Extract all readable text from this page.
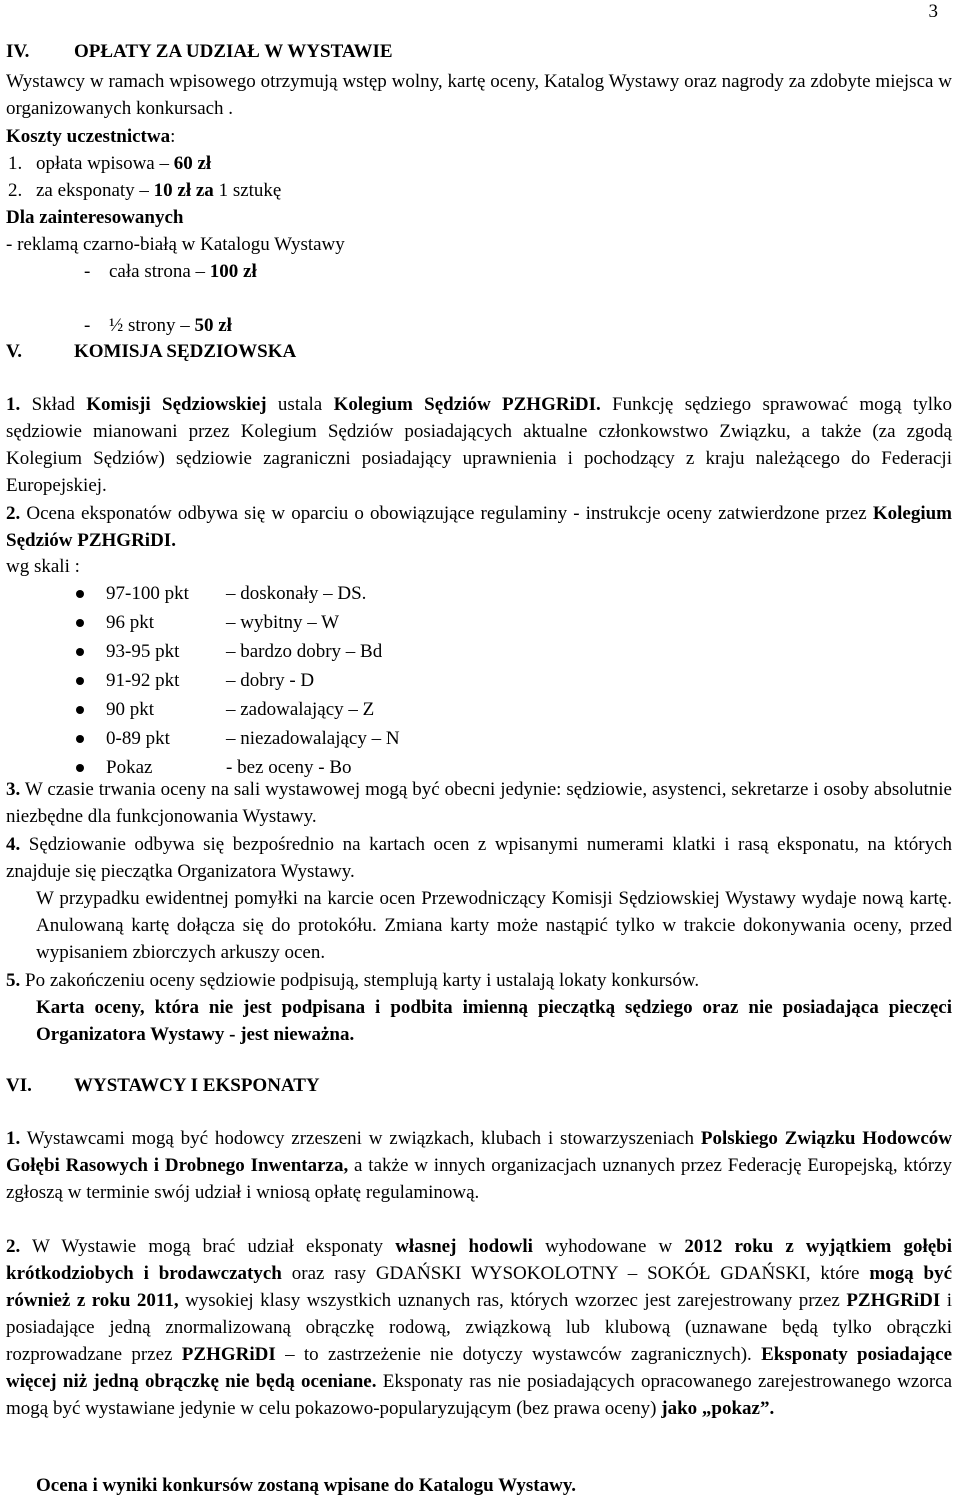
3
IV. OPŁATY ZA UDZIAŁ W WYSTAWIE
Wystawcy w ramach wpisowego otrzymują wstęp wolny, kartę oceny, Katalog Wystawy oraz nagrody za zdobyte miejsca w organizowanych konkursach .
Koszty uczestnictwa:
1. opłata wpisowa – 60 zł
2. za eksponaty – 10 zł za 1 sztukę
Dla zainteresowanych
- reklamą czarno-białą w Katalogu Wystawy
- cała strona – 100 zł
- ½ strony – 50 zł
V.	KOMISJA SĘDZIOWSKA
1. Skład Komisji Sędziowskiej ustala Kolegium Sędziów PZHGRiDI. Funkcję sędziego sprawować mogą tylko sędziowie mianowani przez Kolegium Sędziów posiadających aktualne członkowstwo Związku, a także (za zgodą Kolegium Sędziów) sędziowie zagraniczni posiadający uprawnienia i pochodzący z kraju należącego do Federacji Europejskiej.
2. Ocena eksponatów odbywa się w oparciu o obowiązujące regulaminy - instrukcje oceny zatwierdzone przez Kolegium Sędziów PZHGRiDI.
wg skali :
97-100 pkt – doskonały – DS.
96 pkt	– wybitny – W
93-95 pkt – bardzo dobry – Bd
91-92 pkt – dobry - D
90 pkt	– zadowalający – Z
0-89 pkt	– niezadowalający – N
Pokaz	- bez oceny - Bo
3. W czasie trwania oceny na sali wystawowej mogą być obecni jedynie: sędziowie, asystenci, sekretarze i osoby absolutnie niezbędne dla funkcjonowania Wystawy.
4. Sędziowanie odbywa się bezpośrednio na kartach ocen z wpisanymi numerami klatki i rasą eksponatu, na których znajduje się pieczątka Organizatora Wystawy.
W przypadku ewidentnej pomyłki na karcie ocen Przewodniczący Komisji Sędziowskiej Wystawy wydaje nową kartę. Anulowaną kartę dołącza się do protokółu. Zmiana karty może nastąpić tylko w trakcie dokonywania oceny, przed wypisaniem zbiorczych arkuszy ocen.
5. Po zakończeniu oceny sędziowie podpisują, stemplują karty i ustalają lokaty konkursów.
Karta oceny, która nie jest podpisana i podbita imienną pieczątką sędziego oraz nie posiadająca pieczęci Organizatora Wystawy - jest nieważna.
VI. WYSTAWCY I EKSPONATY
1. Wystawcami mogą być hodowcy zrzeszeni w związkach, klubach i stowarzyszeniach Polskiego Związku Hodowców Gołębi Rasowych i Drobnego Inwentarza, a także w innych organizacjach uznanych przez Federację Europejską, którzy zgłoszą w terminie swój udział i wniosą opłatę regulaminową.
2. W Wystawie mogą brać udział eksponaty własnej hodowli wyhodowane w 2012 roku z wyjątkiem gołębi krótkodziobych i brodawczatych oraz rasy GDAŃSKI WYSOKOLOTNY – SOKÓŁ GDAŃSKI, które mogą być również z roku 2011, wysokiej klasy wszystkich uznanych ras, których wzorzec jest zarejestrowany przez PZHGRiDI i posiadające jedną znormalizowaną obrączkę rodową, związkową lub klubową (uznawane będą tylko obrączki rozprowadzane przez PZHGRiDI – to zastrzeżenie nie dotyczy wystawców zagranicznych). Eksponaty posiadające więcej niż jedną obrączkę nie będą oceniane. Eksponaty ras nie posiadających opracowanego zarejestrowanego wzorca mogą być wystawiane jedynie w celu pokazowo-popularyzującym (bez prawa oceny) jako „pokaz”.
Ocena i wyniki konkursów zostaną wpisane do Katalogu Wystawy.
